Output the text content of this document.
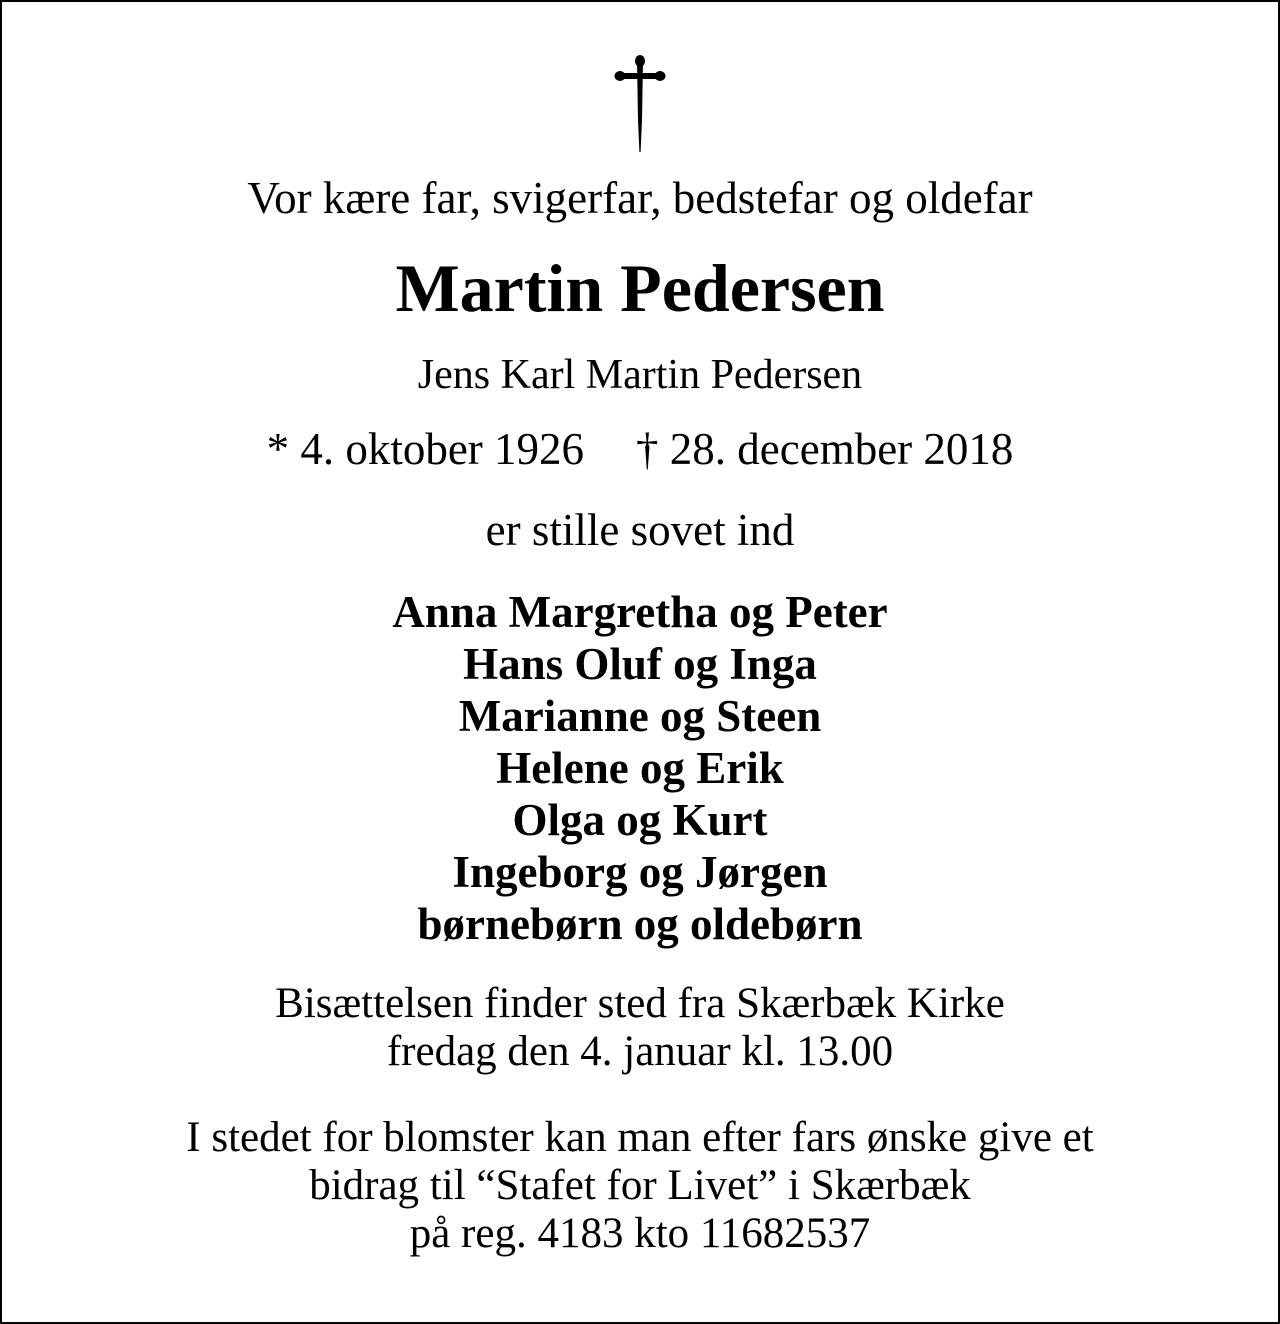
Vor kære far, svigerfar, bedstefar og oldefar
Martin Pedersen
Jens Karl Martin Pedersen
* 4. oktober 1926 † 28. december 2018
er stille sovet ind
Anna Margretha og Peter
Hans Oluf og Inga
Marianne og Steen
Helene og Erik
Olga og Kurt
Ingeborg og Jørgen
børnebørn og oldebørn
Bisættelsen finder sted fra Skærbæk Kirke
fredag den 4. januar kl. 13.00
I stedet for blomster kan man efter fars ønske give et
bidrag til “Stafet for Livet” i Skærbæk
på reg. 4183 kto 11682537
